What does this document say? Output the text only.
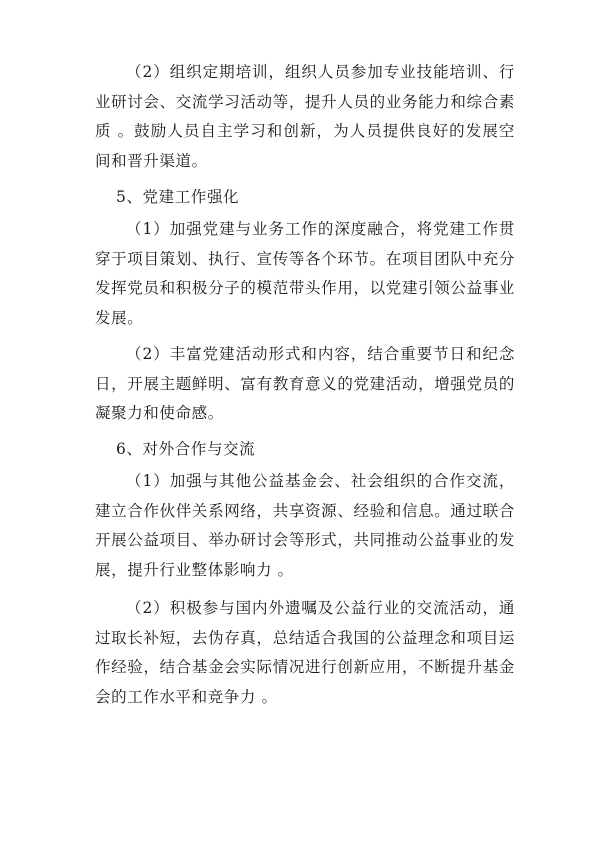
（2）组织定期培训，组织人员参加专业技能培训、行业研讨会、交流学习活动等，提升人员的业务能力和综合素质 。鼓励人员自主学习和创新，为人员提供良好的发展空间和晋升渠道。

5、党建工作强化

（1）加强党建与业务工作的深度融合，将党建工作贯穿于项目策划、执行、宣传等各个环节。在项目团队中充分发挥党员和积极分子的模范带头作用，以党建引领公益事业发展。

（2）丰富党建活动形式和内容，结合重要节日和纪念日，开展主题鲜明、富有教育意义的党建活动，增强党员的凝聚力和使命感。

6、对外合作与交流

（1）加强与其他公益基金会、社会组织的合作交流，建立合作伙伴关系网络，共享资源、经验和信息。通过联合开展公益项目、举办研讨会等形式，共同推动公益事业的发展，提升行业整体影响力 。

（2）积极参与国内外遗嘱及公益行业的交流活动，通过取长补短，去伪存真，总结适合我国的公益理念和项目运作经验，结合基金会实际情况进行创新应用，不断提升基金会的工作水平和竞争力 。
